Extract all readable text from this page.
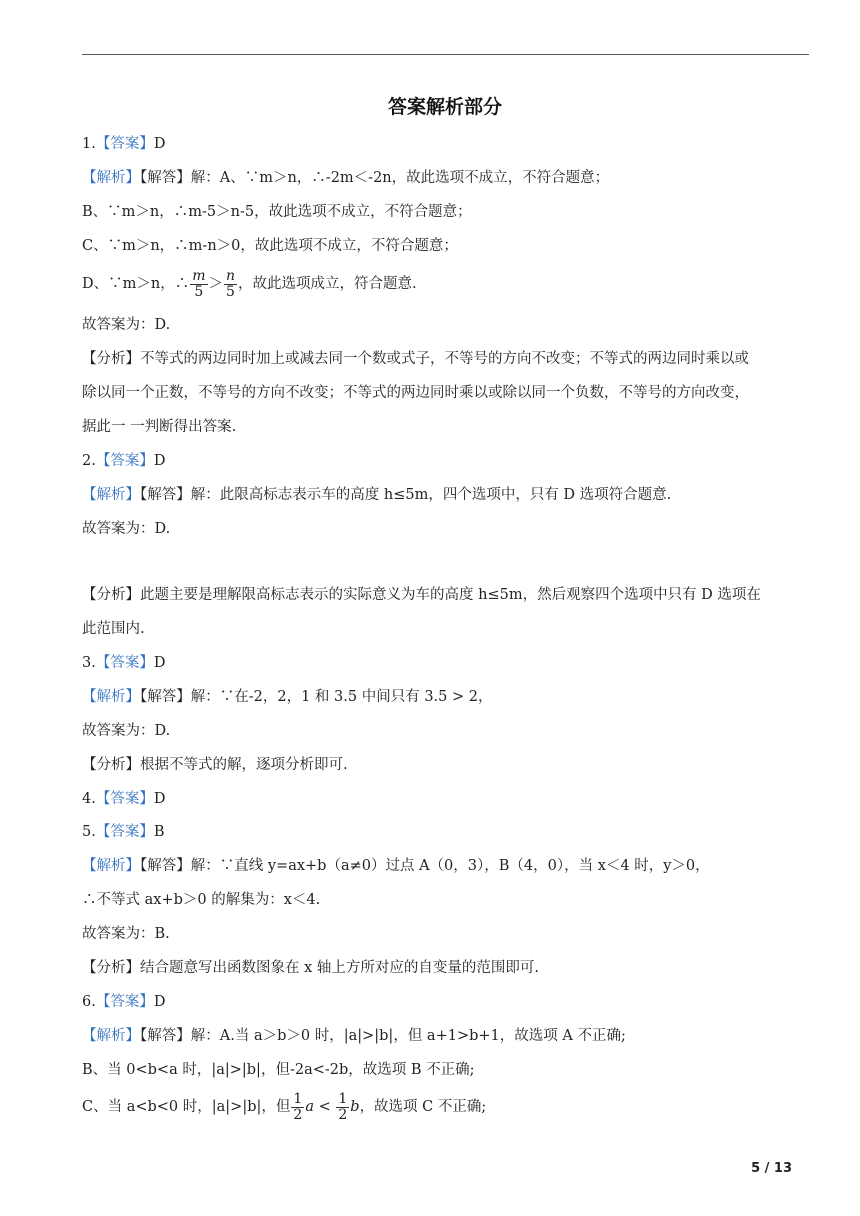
答案解析部分
1.【答案】D
【解析】【解答】解：A、∵m＞n，∴-2m＜-2n，故此选项不成立，不符合题意；
B、∵m＞n，∴m-5＞n-5，故此选项不成立，不符合题意；
C、∵m＞n，∴m-n＞0，故此选项不成立，不符合题意；
D、∵m＞n，∴ $\frac{m}{5} > \frac{n}{5}$ ，故此选项成立，符合题意.
故答案为：D.
【分析】不等式的两边同时加上或减去同一个数或式子，不等号的方向不改变；不等式的两边同时乘以或
除以同一个正数，不等号的方向不改变；不等式的两边同时乘以或除以同一个负数，不等号的方向改变，
据此一 一判断得出答案.
2.【答案】D
【解析】【解答】解：此限高标志表示车的高度 h≤5m，四个选项中，只有 D 选项符合题意.
故答案为：D.
【分析】此题主要是理解限高标志表示的实际意义为车的高度 h≤5m，然后观察四个选项中只有 D 选项在
此范围内.
3.【答案】D
【解析】【解答】解：∵在-2，2，1 和 3.5 中间只有 3.5 > 2，
故答案为：D.
【分析】根据不等式的解，逐项分析即可.
4.【答案】D
5.【答案】B
【解析】【解答】解：∵直线 y=ax+b（a≠0）过点 A（0，3），B（4，0），当 x＜4 时，y＞0，
∴不等式 ax+b＞0 的解集为：x＜4.
故答案为：B.
【分析】结合题意写出函数图象在 x 轴上方所对应的自变量的范围即可.
6.【答案】D
【解析】【解答】解：A.当 a＞b＞0 时，|a|>|b|，但 a+1>b+1，故选项 A 不正确;
B、当 0<b<a 时，|a|>|b|，但-2a<-2b，故选项 B 不正确;
C、当 a<b<0 时，|a|>|b|，但 $\frac{1}{2}$ $a < \frac{1}{2}$ b，故选项 C 不正确;
5 / 13
